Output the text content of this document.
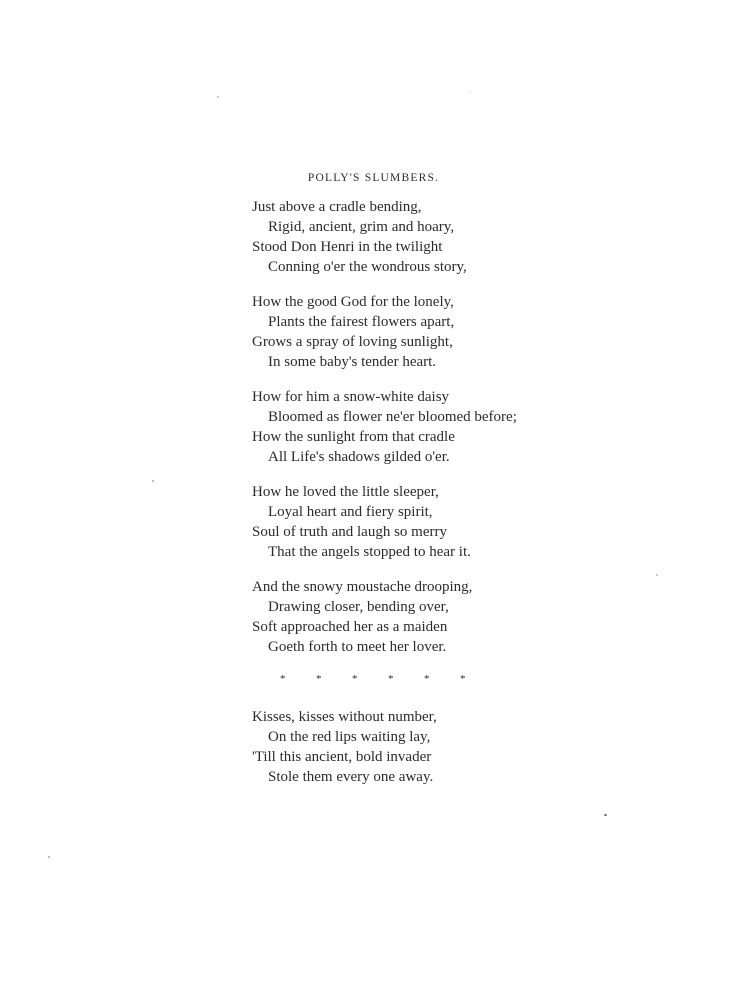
POLLY'S SLUMBERS.
Just above a cradle bending,
Rigid, ancient, grim and hoary,
Stood Don Henri in the twilight
Conning o'er the wondrous story,
How the good God for the lonely,
Plants the fairest flowers apart,
Grows a spray of loving sunlight,
In some baby's tender heart.
How for him a snow-white daisy
Bloomed as flower ne'er bloomed before;
How the sunlight from that cradle
All Life's shadows gilded o'er.
How he loved the little sleeper,
Loyal heart and fiery spirit,
Soul of truth and laugh so merry
That the angels stopped to hear it.
And the snowy moustache drooping,
Drawing closer, bending over,
Soft approached her as a maiden
Goeth forth to meet her lover.
*	*	*	*	*	*
Kisses, kisses without number,
On the red lips waiting lay,
'Till this ancient, bold invader
Stole them every one away.
